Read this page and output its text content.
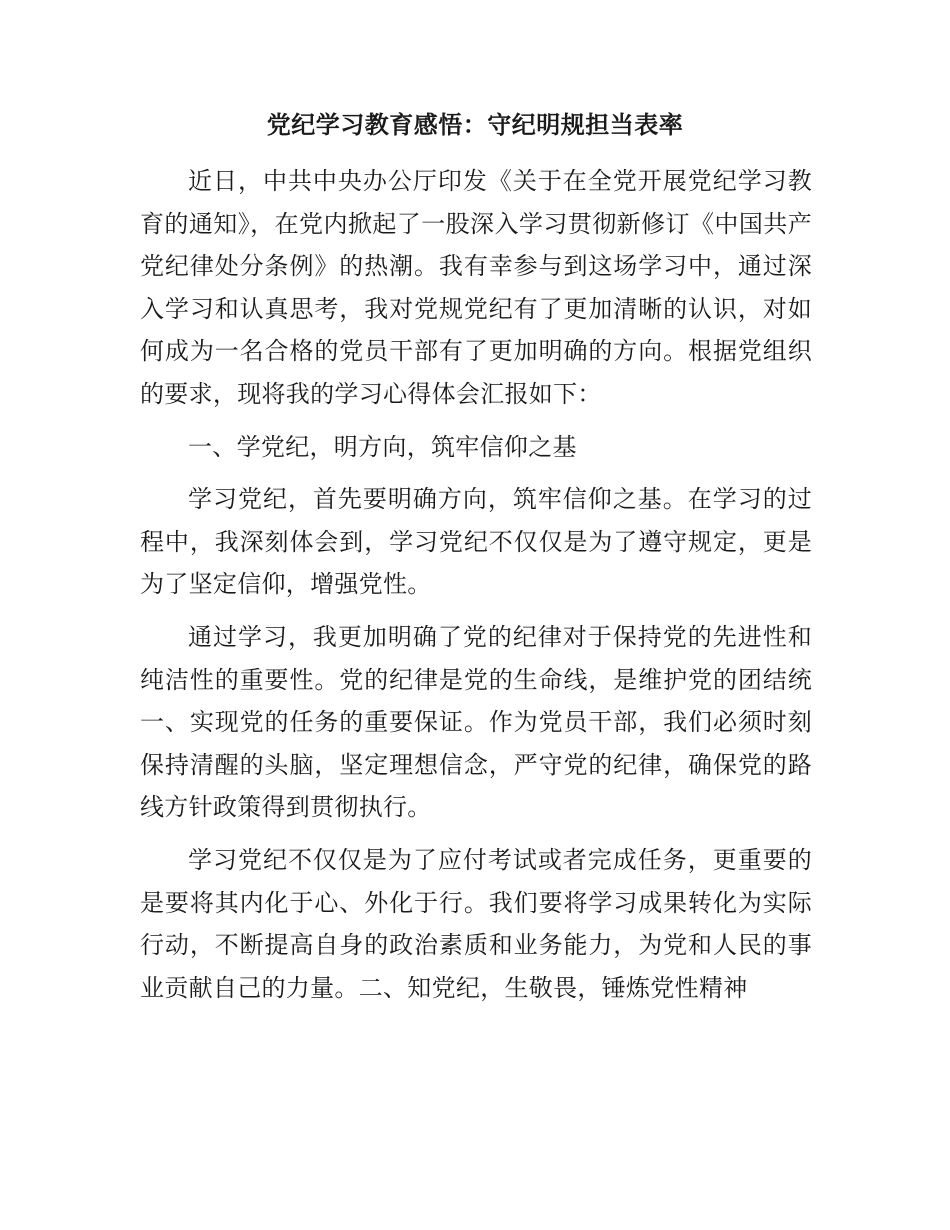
党纪学习教育感悟：守纪明规担当表率

近日，中共中央办公厅印发《关于在全党开展党纪学习教育的通知》，在党内掀起了一股深入学习贯彻新修订《中国共产党纪律处分条例》的热潮。我有幸参与到这场学习中，通过深入学习和认真思考，我对党规党纪有了更加清晰的认识，对如何成为一名合格的党员干部有了更加明确的方向。根据党组织的要求，现将我的学习心得体会汇报如下：

一、学党纪，明方向，筑牢信仰之基

学习党纪，首先要明确方向，筑牢信仰之基。在学习的过程中，我深刻体会到，学习党纪不仅仅是为了遵守规定，更是为了坚定信仰，增强党性。

通过学习，我更加明确了党的纪律对于保持党的先进性和纯洁性的重要性。党的纪律是党的生命线，是维护党的团结统一、实现党的任务的重要保证。作为党员干部，我们必须时刻保持清醒的头脑，坚定理想信念，严守党的纪律，确保党的路线方针政策得到贯彻执行。

学习党纪不仅仅是为了应付考试或者完成任务，更重要的是要将其内化于心、外化于行。我们要将学习成果转化为实际行动，不断提高自身的政治素质和业务能力，为党和人民的事业贡献自己的力量。二、知党纪，生敬畏，锤炼党性精神
